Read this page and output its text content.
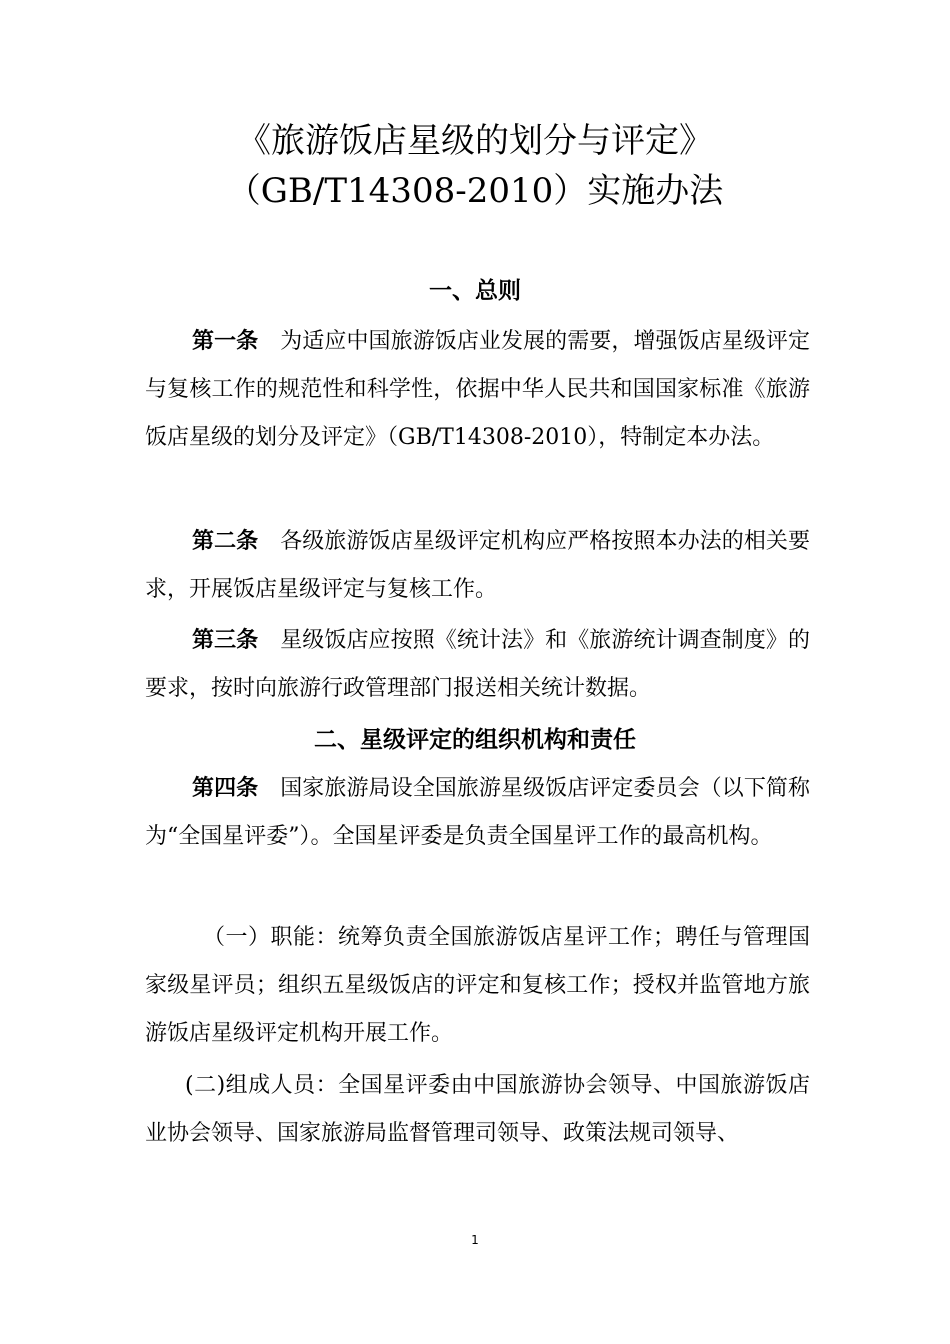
《旅游饭店星级的划分与评定》
（GB/T14308-2010）实施办法
一、总则

第一条 为适应中国旅游饭店业发展的需要，增强饭店星级评定与复核工作的规范性和科学性，依据中华人民共和国国家标准《旅游饭店星级的划分及评定》（GB/T14308-2010），特制定本办法。

第二条 各级旅游饭店星级评定机构应严格按照本办法的相关要求，开展饭店星级评定与复核工作。

第三条 星级饭店应按照《统计法》和《旅游统计调查制度》的要求，按时向旅游行政管理部门报送相关统计数据。

二、星级评定的组织机构和责任

第四条 国家旅游局设全国旅游星级饭店评定委员会（以下简称为“全国星评委”）。全国星评委是负责全国星评工作的最高机构。

（一）职能：统筹负责全国旅游饭店星评工作；聘任与管理国家级星评员；组织五星级饭店的评定和复核工作；授权并监管地方旅游饭店星级评定机构开展工作。

(二)组成人员：全国星评委由中国旅游协会领导、中国旅游饭店业协会领导、国家旅游局监督管理司领导、政策法规司领导、

1
